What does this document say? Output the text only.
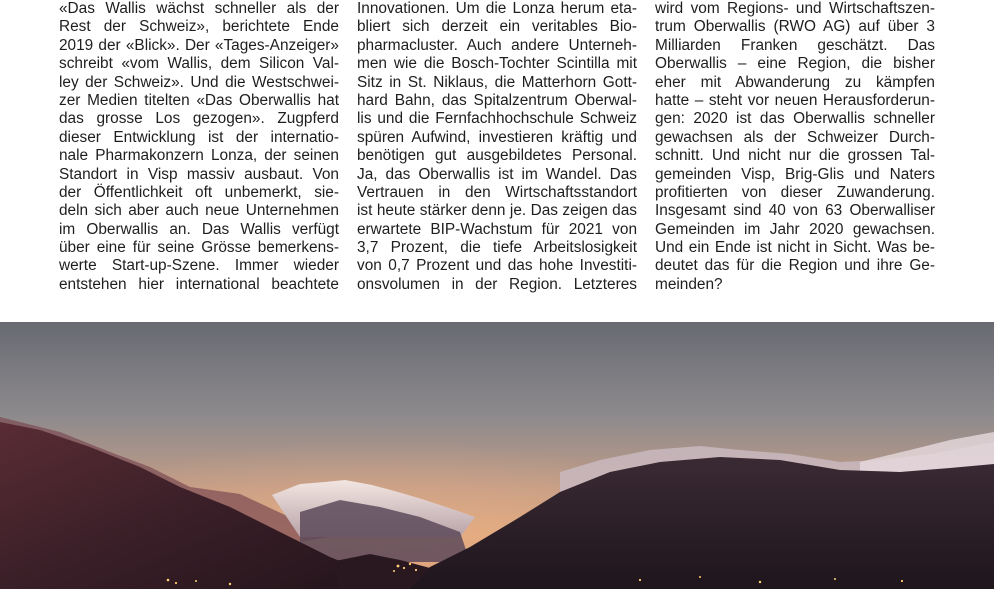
«Das Wallis wächst schneller als der
Rest der Schweiz», berichtete Ende
2019 der «Blick». Der «Tages-Anzeiger»
schreibt «vom Wallis, dem Silicon Val-
ley der Schweiz». Und die Westschwei-
zer Medien titelten «Das Oberwallis hat
das grosse Los gezogen». Zugpferd
dieser Entwicklung ist der internatio-
nale Pharmakonzern Lonza, der seinen
Standort in Visp massiv ausbaut. Von
der Öffentlichkeit oft unbemerkt, sie-
deln sich aber auch neue Unternehmen
im Oberwallis an. Das Wallis verfügt
über eine für seine Grösse bemerkens-
werte Start-up-Szene. Immer wieder
entstehen hier international beachtete
Innovationen. Um die Lonza herum eta-
bliert sich derzeit ein veritables Bio-
pharmacluster. Auch andere Unterneh-
men wie die Bosch-Tochter Scintilla mit
Sitz in St. Niklaus, die Matterhorn Gott-
hard Bahn, das Spitalzentrum Oberwal-
lis und die Fernfachhochschule Schweiz
spüren Aufwind, investieren kräftig und
benötigen gut ausgebildetes Personal.
Ja, das Oberwallis ist im Wandel. Das
Vertrauen in den Wirtschaftsstandort
ist heute stärker denn je. Das zeigen das
erwartete BIP-Wachstum für 2021 von
3,7 Prozent, die tiefe Arbeitslosigkeit
von 0,7 Prozent und das hohe Investiti-
onsvolumen in der Region. Letzteres
wird vom Regions- und Wirtschaftszen-
trum Oberwallis (RWO AG) auf über 3
Milliarden Franken geschätzt. Das
Oberwallis – eine Region, die bisher
eher mit Abwanderung zu kämpfen
hatte – steht vor neuen Herausforderun-
gen: 2020 ist das Oberwallis schneller
gewachsen als der Schweizer Durch-
schnitt. Und nicht nur die grossen Tal-
gemeinden Visp, Brig-Glis und Naters
profitierten von dieser Zuwanderung.
Insgesamt sind 40 von 63 Oberwalliser
Gemeinden im Jahr 2020 gewachsen.
Und ein Ende ist nicht in Sicht. Was be-
deutet das für die Region und ihre Ge-
meinden?
